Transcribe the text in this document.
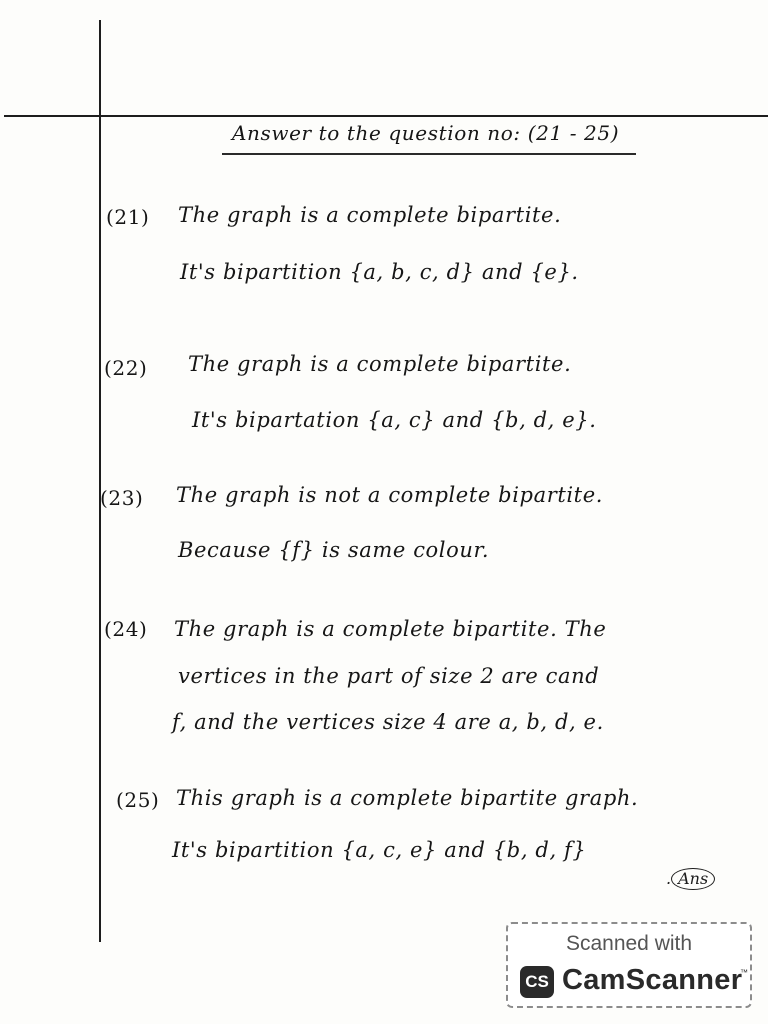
Answer to the question no: (21 - 25)
(21) The graph is a complete bipartite.
It's bipartition {a, b, c, d} and {e}.
(22) The graph is a complete bipartite.
It's bipartation {a, c} and {b, d, e}.
(23) The graph is not a complete bipartite.
Because {f} is same colour.
(24) The graph is a complete bipartite. The
vertices in the part of size 2 are cand
f, and the vertices size 4 are a, b, d, e.
(25) This graph is a complete bipartite graph.
It's bipartition {a, c, e} and {b, d, f}
. Ans
Scanned with
CS CamScanner
™
